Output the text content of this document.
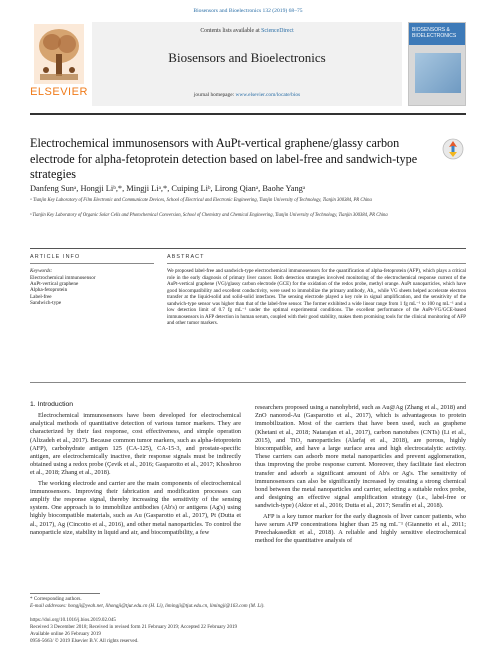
Biosensors and Bioelectronics 132 (2019) 68–75
ELSEVIER
Contents lists available at ScienceDirect
Biosensors and Bioelectronics
journal homepage: www.elsevier.com/locate/bios
BIOSENSORS & BIOELECTRONICS
Electrochemical immunosensors with AuPt-vertical graphene/glassy carbon electrode for alpha-fetoprotein detection based on label-free and sandwich-type strategies
Danfeng Sunᵃ, Hongji Liᵇ,*, Mingji Liᵃ,*, Cuiping Liᵇ, Lirong Qianᵃ, Baohe Yangᵃ
ᵃ Tianjin Key Laboratory of Film Electronic and Communicate Devices, School of Electrical and Electronic Engineering, Tianjin University of Technology, Tianjin 300384, PR China
ᵇ Tianjin Key Laboratory of Organic Solar Cells and Photochemical Conversion, School of Chemistry and Chemical Engineering, Tianjin University of Technology, Tianjin 300384, PR China
ARTICLE INFO	ABSTRACT
Keywords:
Electrochemical immunosensor
AuPt-vertical graphene
Alpha-fetoprotein
Label-free
Sandwich-type
We proposed label-free and sandwich-type electrochemical immunosensors for the quantification of alpha-fetoprotein (AFP), which plays a critical role in the early diagnosis of primary liver cancer. Both detection strategies involved monitoring of the electrochemical response current of the AuPt-vertical graphene (VG)/glassy carbon electrode (GCE) for the oxidation of the redox probe, methyl orange. AuPt nanoparticles, which have good biocompatibility and excellent conductivity, were used to immobilize the primary antibody, Ab₁, while VG sheets helped accelerate electron transfer at the liquid-solid and solid-solid interfaces. The sensing electrode played a key role in signal amplification, and the sensitivity of the sandwich-type sensor was higher than that of the label-free sensor. The former exhibited a wide linear range from 1 fg mL⁻¹ to 100 ng mL⁻¹ and a low detection limit of 0.7 fg mL⁻¹ under the optimal experimental conditions. The excellent performance of the AuPt-VG/GCE-based immunosensors in AFP detection in human serum, coupled with their good stability, makes them promising tools for the clinical monitoring of AFP and other tumor markers.
1. Introduction

Electrochemical immunosensors have been developed for electrochemical analytical methods of quantitative detection of various tumor markers. They are characterized by their fast response, cost effectiveness, and simple operation (Alizadeh et al., 2017). Because common tumor markers, such as alpha-fetoprotein (AFP), carbohydrate antigen 125 (CA-125), CA-15-3, and prostate-specific antigen, are electrochemically inactive, their response signals must be indirectly obtained using a redox probe (Çevik et al., 2016; Gasparotto et al., 2017; Khoshroo et al., 2018; Zhang et al., 2018).

The working electrode and carrier are the main components of electrochemical immunosensors. Improving their fabrication and modification processes can amplify the response signal, thereby increasing the sensitivity of the sensing system. One approach is to immobilize antibodies (Ab's) or antigens (Ag's) using highly biocompatible materials, such as Au (Gasparotto et al., 2017), Pt (Dutta et al., 2017), Ag (Cincotto et al., 2016), and other metal nanoparticles. To control the nanoparticle size, stability in liquid and air, and biocompatibility, a few

researchers proposed using a nanohybrid, such as Au@Ag (Zhang et al., 2018) and ZnO nanorod-Au (Gasparotto et al., 2017), which is advantageous to protein immobilization. Most of the carriers that have been used, such as graphene (Khetani et al., 2018; Natarajan et al., 2017), carbon nanotubes (CNTs) (Li et al., 2015), and TiO₂ nanoparticles (Alarfaj et al., 2018), are porous, highly biocompatible, and have a large surface area and high electrocatalytic activity. These carriers can adsorb more metal nanoparticles and prevent agglomeration, thus improving the probe response current. Moreover, they facilitate fast electron transfer and adsorb a significant amount of Ab's or Ag's. The sensitivity of immunosensors can also be significantly increased by creating a strong chemical bond between the metal nanoparticles and carrier, selecting a suitable redox probe, and designing an effective signal amplification strategy (i.e., label-free or sandwich-type) (Aktor et al., 2016; Dutta et al., 2017; Serafín et al., 2018).

AFP is a key tumor marker for the early diagnosis of liver cancer patients, who have serum AFP concentrations higher than 25 ng mL⁻¹ (Giannetto et al., 2011; Preechakasedkit et al., 2018). A reliable and highly sensitive electrochemical method for the quantitative analysis of

* Corresponding authors.
E-mail addresses: hongji@yeah.net, lihongji@tjut.edu.cn (H. Li), limingji@tjut.edu.cn, limingji@163.com (M. Li).
https://doi.org/10.1016/j.bios.2019.02.045
Received 3 December 2018; Received in revised form 21 February 2019; Accepted 22 February 2019
Available online 26 February 2019
0956-5663/ © 2019 Elsevier B.V. All rights reserved.
